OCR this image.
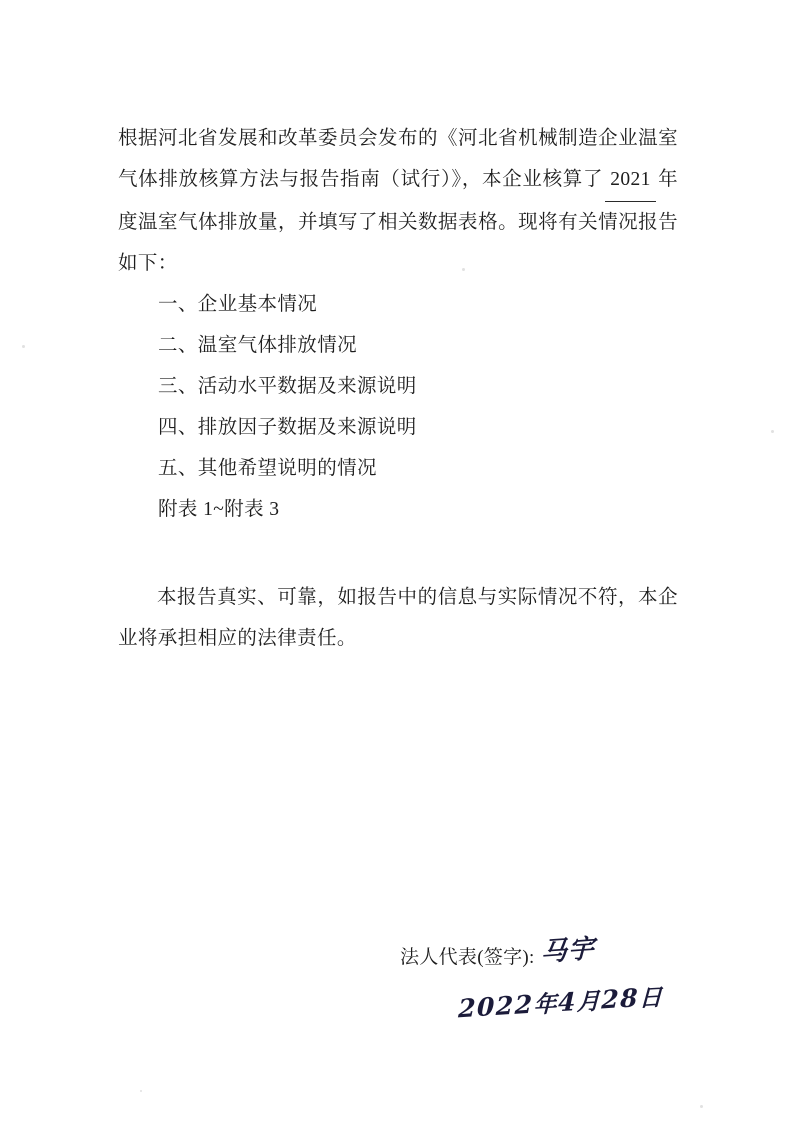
根据河北省发展和改革委员会发布的《河北省机械制造企业温室气体排放核算方法与报告指南（试行）》，本企业核算了 2021 年度温室气体排放量，并填写了相关数据表格。现将有关情况报告如下：

一、企业基本情况
二、温室气体排放情况
三、活动水平数据及来源说明
四、排放因子数据及来源说明
五、其他希望说明的情况
附表 1~附表 3

本报告真实、可靠，如报告中的信息与实际情况不符，本企业将承担相应的法律责任。

法人代表(签字): 马宇
2022年4月28日
